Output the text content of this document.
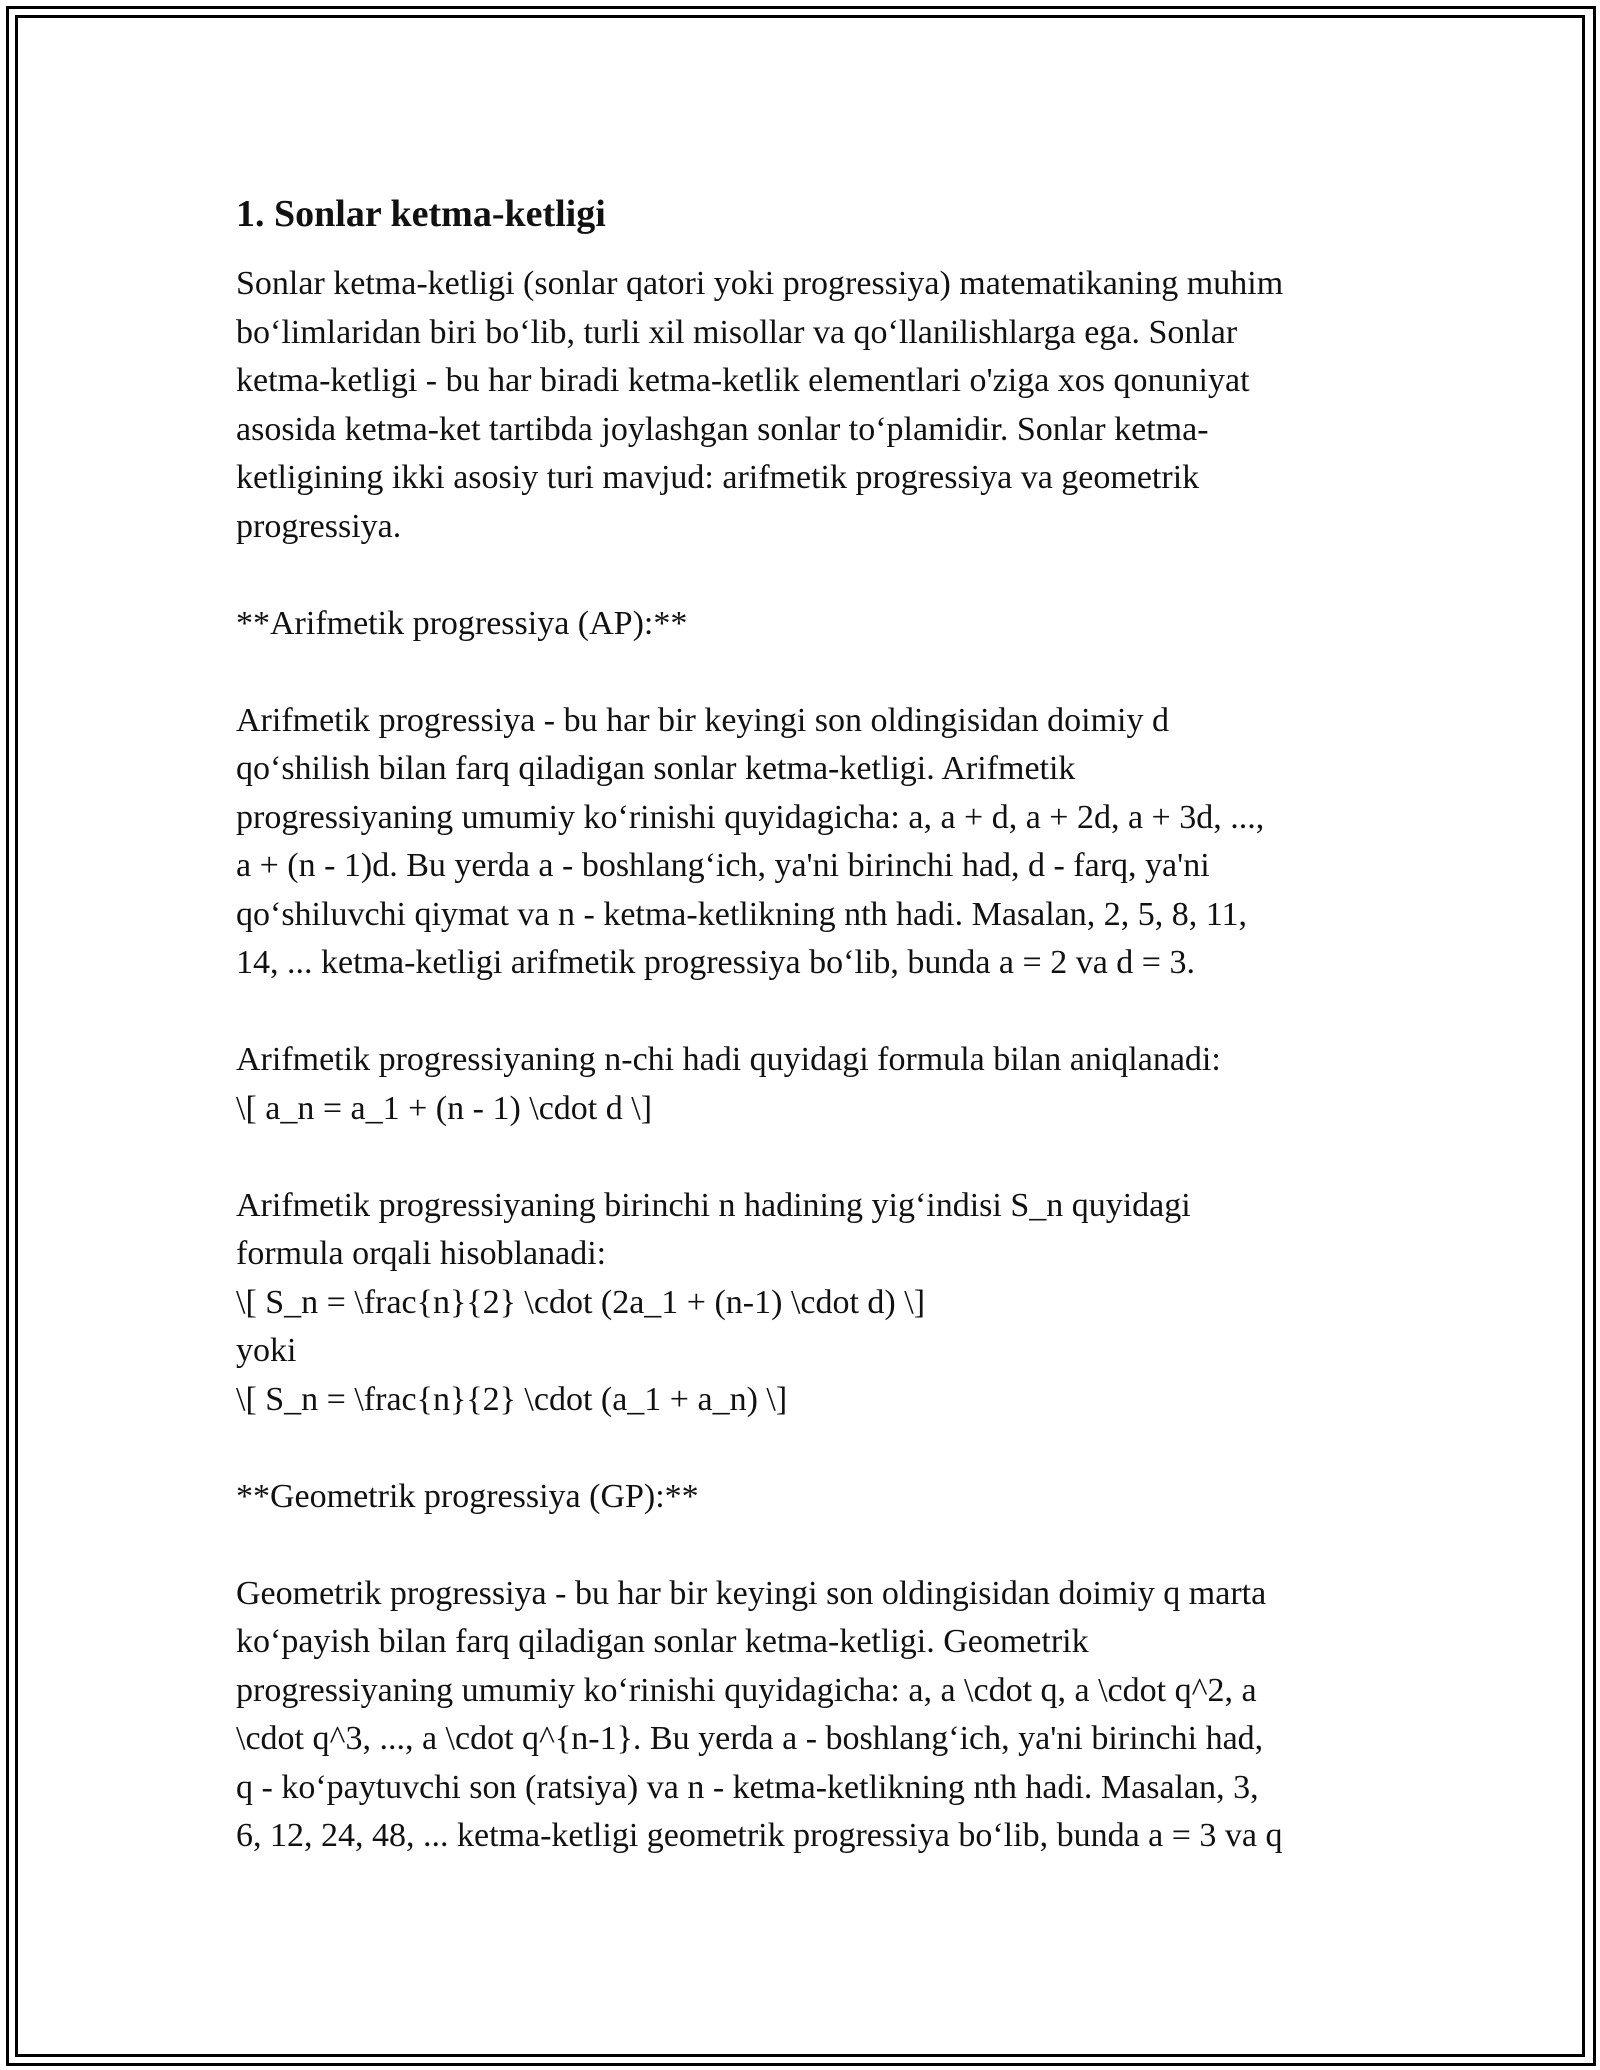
1. Sonlar ketma-ketligi

Sonlar ketma-ketligi (sonlar qatori yoki progressiya) matematikaning muhim
bo‘limlaridan biri bo‘lib, turli xil misollar va qo‘llanilishlarga ega. Sonlar
ketma-ketligi - bu har biradi ketma-ketlik elementlari o'ziga xos qonuniyat
asosida ketma-ket tartibda joylashgan sonlar to‘plamidir. Sonlar ketma-
ketligining ikki asosiy turi mavjud: arifmetik progressiya va geometrik
progressiya.

**Arifmetik progressiya (AP):**

Arifmetik progressiya - bu har bir keyingi son oldingisidan doimiy d
qo‘shilish bilan farq qiladigan sonlar ketma-ketligi. Arifmetik
progressiyaning umumiy ko‘rinishi quyidagicha: a, a + d, a + 2d, a + 3d, ...,
a + (n - 1)d. Bu yerda a - boshlang‘ich, ya'ni birinchi had, d - farq, ya'ni
qo‘shiluvchi qiymat va n - ketma-ketlikning nth hadi. Masalan, 2, 5, 8, 11,
14, ... ketma-ketligi arifmetik progressiya bo‘lib, bunda a = 2 va d = 3.

Arifmetik progressiyaning n-chi hadi quyidagi formula bilan aniqlanadi:
\[ a_n = a_1 + (n - 1) \cdot d \]

Arifmetik progressiyaning birinchi n hadining yig‘indisi S_n quyidagi
formula orqali hisoblanadi:
\[ S_n = \frac{n}{2} \cdot (2a_1 + (n-1) \cdot d) \]
yoki
\[ S_n = \frac{n}{2} \cdot (a_1 + a_n) \]

**Geometrik progressiya (GP):**

Geometrik progressiya - bu har bir keyingi son oldingisidan doimiy q marta
ko‘payish bilan farq qiladigan sonlar ketma-ketligi. Geometrik
progressiyaning umumiy ko‘rinishi quyidagicha: a, a \cdot q, a \cdot q^2, a
\cdot q^3, ..., a \cdot q^{n-1}. Bu yerda a - boshlang‘ich, ya'ni birinchi had,
q - ko‘paytuvchi son (ratsiya) va n - ketma-ketlikning nth hadi. Masalan, 3,
6, 12, 24, 48, ... ketma-ketligi geometrik progressiya bo‘lib, bunda a = 3 va q
